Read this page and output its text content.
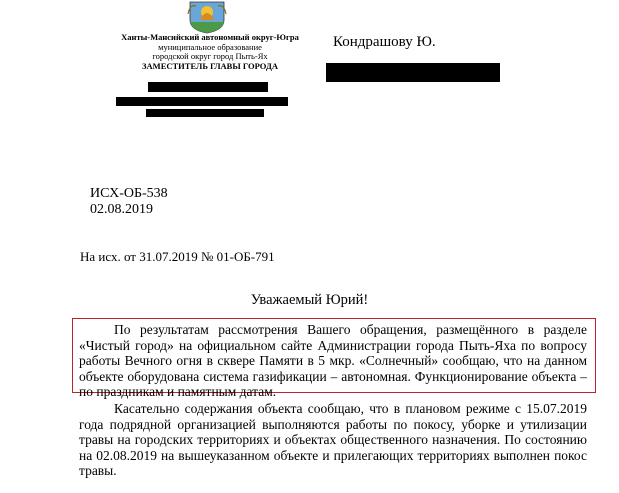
Ханты-Мансийский автономный округ-Югра
муниципальное образование
городской округ город Пыть-Ях
ЗАМЕСТИТЕЛЬ ГЛАВЫ ГОРОДА
Кондрашову Ю.
ИСХ-ОБ-538
02.08.2019
На исх. от 31.07.2019 № 01-ОБ-791
Уважаемый Юрий!
По результатам рассмотрения Вашего обращения, размещённого в разделе «Чистый город» на официальном сайте Администрации города Пыть-Яха по вопросу работы Вечного огня в сквере Памяти в 5 мкр. «Солнечный» сообщаю, что на данном объекте оборудована система газификации – автономная. Функционирование объекта – по праздникам и памятным датам.
Касательно содержания объекта сообщаю, что в плановом режиме с 15.07.2019 года подрядной организацией выполняются работы по покосу, уборке и утилизации травы на городских территориях и объектах общественного назначения. По состоянию на 02.08.2019 на вышеуказанном объекте и прилегающих территориях выполнен покос травы.
